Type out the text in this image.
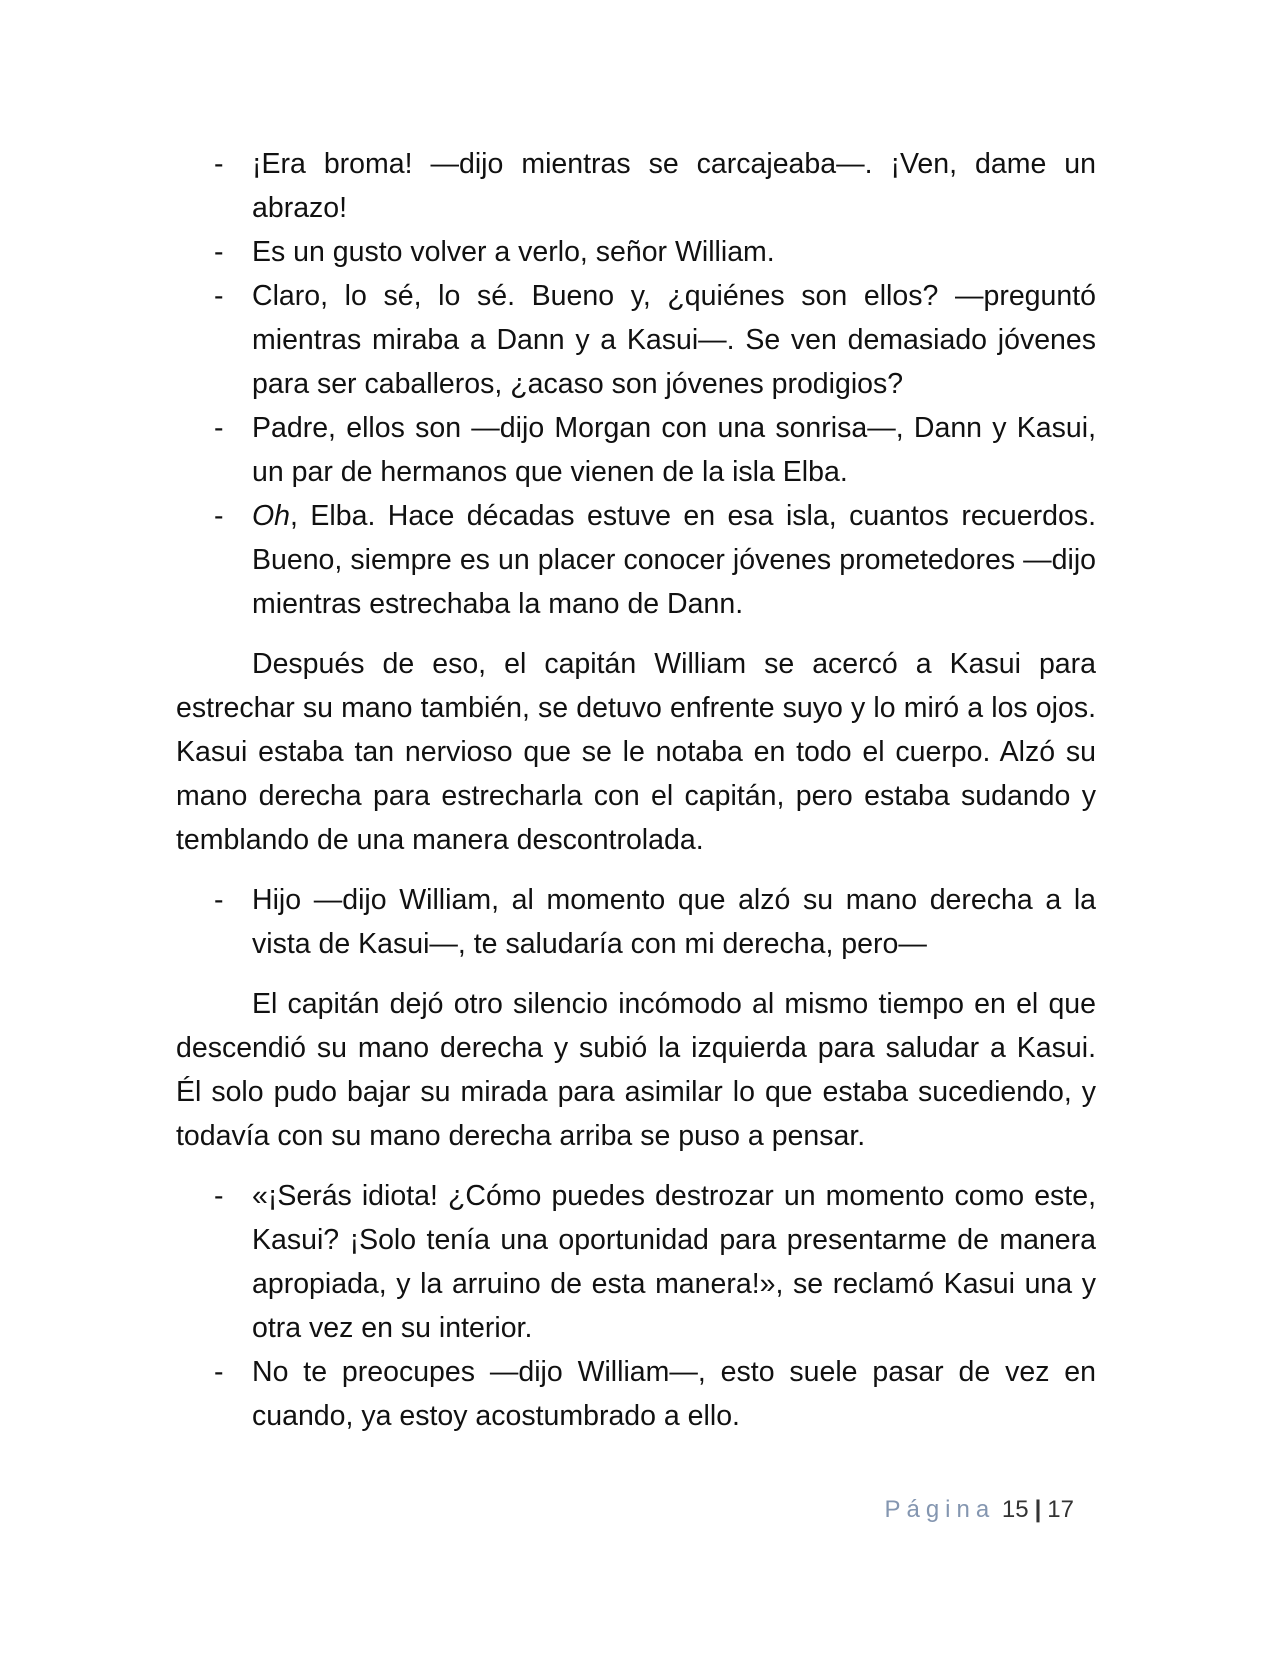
- ¡Era broma! —dijo mientras se carcajeaba—. ¡Ven, dame un abrazo!
- Es un gusto volver a verlo, señor William.
- Claro, lo sé, lo sé. Bueno y, ¿quiénes son ellos? —preguntó mientras miraba a Dann y a Kasui—. Se ven demasiado jóvenes para ser caballeros, ¿acaso son jóvenes prodigios?
- Padre, ellos son —dijo Morgan con una sonrisa—, Dann y Kasui, un par de hermanos que vienen de la isla Elba.
- Oh, Elba. Hace décadas estuve en esa isla, cuantos recuerdos. Bueno, siempre es un placer conocer jóvenes prometedores —dijo mientras estrechaba la mano de Dann.

Después de eso, el capitán William se acercó a Kasui para estrechar su mano también, se detuvo enfrente suyo y lo miró a los ojos. Kasui estaba tan nervioso que se le notaba en todo el cuerpo. Alzó su mano derecha para estrecharla con el capitán, pero estaba sudando y temblando de una manera descontrolada.

- Hijo —dijo William, al momento que alzó su mano derecha a la vista de Kasui—, te saludaría con mi derecha, pero—

El capitán dejó otro silencio incómodo al mismo tiempo en el que descendió su mano derecha y subió la izquierda para saludar a Kasui. Él solo pudo bajar su mirada para asimilar lo que estaba sucediendo, y todavía con su mano derecha arriba se puso a pensar.

- «¡Serás idiota! ¿Cómo puedes destrozar un momento como este, Kasui? ¡Solo tenía una oportunidad para presentarme de manera apropiada, y la arruino de esta manera!», se reclamó Kasui una y otra vez en su interior.
- No te preocupes —dijo William—, esto suele pasar de vez en cuando, ya estoy acostumbrado a ello.
Página 15 | 17
